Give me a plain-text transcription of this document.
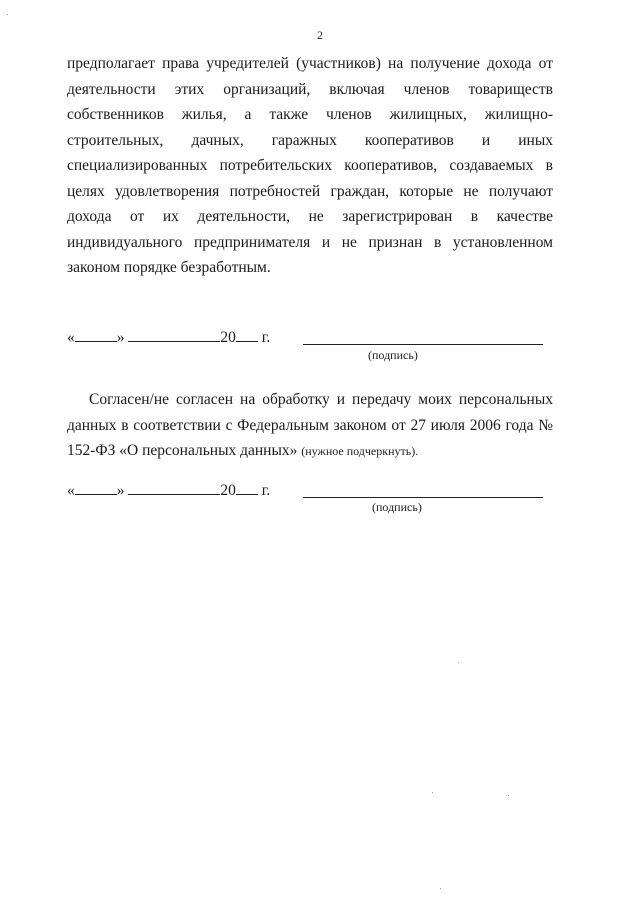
2
предполагает права учредителей (участников) на получение дохода от деятельности этих организаций, включая членов товариществ собственников жилья, а также членов жилищных, жилищно-строительных, дачных, гаражных кооперативов и иных специализированных потребительских кооперативов, создаваемых в целях удовлетворения потребностей граждан, которые не получают дохода от их деятельности, не зарегистрирован в качестве индивидуального предпринимателя и не признан в установленном законом порядке безработным.
«	»	20 г.
(подпись)
Согласен/не согласен на обработку и передачу моих персональных данных в соответствии с Федеральным законом от 27 июля 2006 года № 152-ФЗ «О персональных данных» (нужное подчеркнуть).
«	»	20 г.
(подпись)
